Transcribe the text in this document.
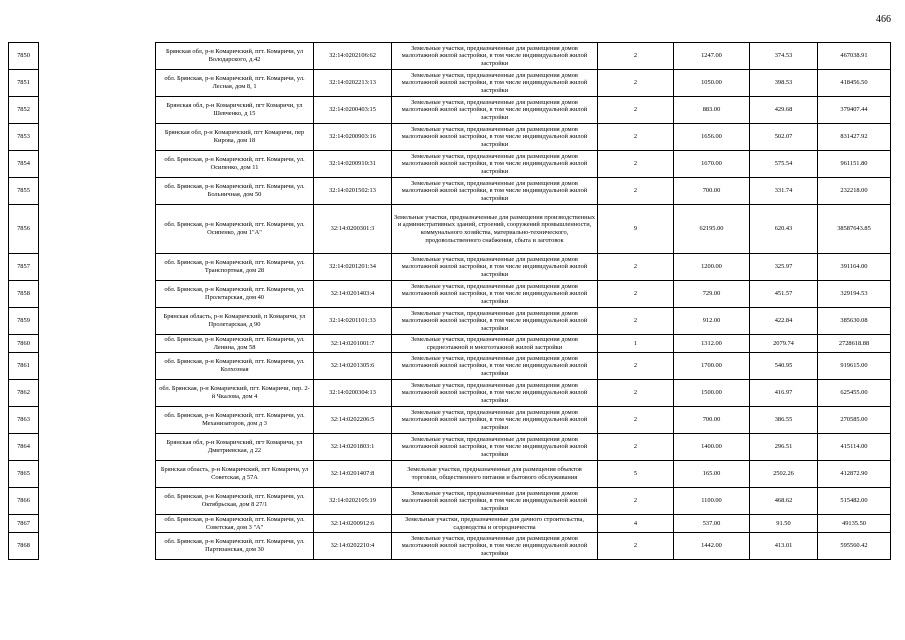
466
7850		Брянская обл, р-н Комаричский, пгт. Комаричи, ул Володарского, д.42	32:14:0202106:62	Земельные участки, предназначенные для размещения домов малоэтажной жилой застройки, в том числе индивидуальной жилой застройки	2	1247.00	374.53	467038.91
7851		обл. Брянская, р-н Комаричский, пгт. Комаричи, ул. Лесная, дом 8, 1	32:14:0202213:13	Земельные участки, предназначенные для размещения домов малоэтажной жилой застройки, в том числе индивидуальной жилой застройки	2	1050.00	398.53	418456.50
7852		Брянская обл, р-н Комаричский, пгт Комаричи, ул Шевченко, д 15	32:14:0200403:15	Земельные участки, предназначенные для размещения домов малоэтажной жилой застройки, в том числе индивидуальной жилой застройки	2	883.00	429.68	379407.44
7853		Брянская обл, р-н Комаричский, пгт Комаричи, пер Кирова, дом 18	32:14:0200903:16	Земельные участки, предназначенные для размещения домов малоэтажной жилой застройки, в том числе индивидуальной жилой застройки	2	1656.00	502.07	831427.92
7854		обл. Брянская, р-н Комаричский, пгт. Комаричи, ул. Осипенко, дом 11	32:14:0200910:31	Земельные участки, предназначенные для размещения домов малоэтажной жилой застройки, в том числе индивидуальной жилой застройки	2	1670.00	575.54	961151.80
7855		обл. Брянская, р-н Комаричский, пгт. Комаричи, ул. Больничная, дом 50	32:14:0201502:13	Земельные участки, предназначенные для размещения домов малоэтажной жилой застройки, в том числе индивидуальной жилой застройки	2	700.00	331.74	232218.00
7856		обл. Брянская, р-н Комаричский, пгт. Комаричи, ул. Осипенко, дом 1"А"	32:14:0200301:3	Земельные участки, предназначенные для размещения производственных и административных зданий, строений, сооружений промышленности, коммунального хозяйства, материально-технического, продовольственного снабжения, сбыта и заготовок	9	62195.00	620.43	38587643.85
7857		обл. Брянская, р-н Комаричский, пгт. Комаричи, ул. Транспортная, дом 28	32:14:0201201:34	Земельные участки, предназначенные для размещения домов малоэтажной жилой застройки, в том числе индивидуальной жилой застройки	2	1200.00	325.97	391164.00
7858		обл. Брянская, р-н Комаричский, пгт. Комаричи, ул. Пролетарская, дом 40	32:14:0201403:4	Земельные участки, предназначенные для размещения домов малоэтажной жилой застройки, в том числе индивидуальной жилой застройки	2	729.00	451.57	329194.53
7859		Брянская область, р-н Комаричский, п Комаричи, ул Пролетарская, д 90	32:14:0201101:33	Земельные участки, предназначенные для размещения домов малоэтажной жилой застройки, в том числе индивидуальной жилой застройки	2	912.00	422.84	385630.08
7860		обл. Брянская, р-н Комаричский, пгт. Комаричи, ул. Ленина, дом 58	32:14:0201001:7	Земельные участки, предназначенные для размещения домов среднеэтажной и многоэтажной жилой застройки	1	1312.00	2079.74	2728618.88
7861		обл. Брянская, р-н Комаричский, пгт. Комаричи, ул. Колхозная	32:14:0201305:6	Земельные участки, предназначенные для размещения домов малоэтажной жилой застройки, в том числе индивидуальной жилой застройки	2	1700.00	540.95	919615.00
7862		обл. Брянская, р-н Комаричский, пгт. Комаричи, пер. 2-й Чкалова, дом 4	32:14:0200304:13	Земельные участки, предназначенные для размещения домов малоэтажной жилой застройки, в том числе индивидуальной жилой застройки	2	1500.00	416.97	625455.00
7863		обл. Брянская, р-н Комаричский, пгт. Комаричи, ул. Механизаторов, дом д 3	32:14:0202206:5	Земельные участки, предназначенные для размещения домов малоэтажной жилой застройки, в том числе индивидуальной жилой застройки	2	700.00	386.55	270585.00
7864		Брянская обл, р-н Комаричский, пгт Комаричи, ул Дмитриевская, д 22	32:14:0201803:1	Земельные участки, предназначенные для размещения домов малоэтажной жилой застройки, в том числе индивидуальной жилой застройки	2	1400.00	296.51	415114.00
7865		Брянская область, р-н Комаричский, пгт Комаричи, ул Советская, д 57А	32:14:0201407:8	Земельные участки, предназначенные для размещения объектов торговли, общественного питания и бытового обслуживания	5	165.00	2502.26	412872.90
7866		обл. Брянская, р-н Комаричский, пгт. Комаричи, ул. Октябрьская, дом 8 27/1	32:14:0202105:19	Земельные участки, предназначенные для размещения домов малоэтажной жилой застройки, в том числе индивидуальной жилой застройки	2	1100.00	468.62	515482.00
7867		обл. Брянская, р-н Комаричский, пгт. Комаричи, ул. Советская, дом 3 "А"	32:14:0200912:6	Земельные участки, предназначенные для дачного строительства, садоводства и огородничества	4	537.00	91.50	49135.50
7868		обл. Брянская, р-н Комаричский, пгт. Комаричи, ул. Партизанская, дом 30	32:14:0202210:4	Земельные участки, предназначенные для размещения домов малоэтажной жилой застройки, в том числе индивидуальной жилой застройки	2	1442.00	413.01	595560.42
